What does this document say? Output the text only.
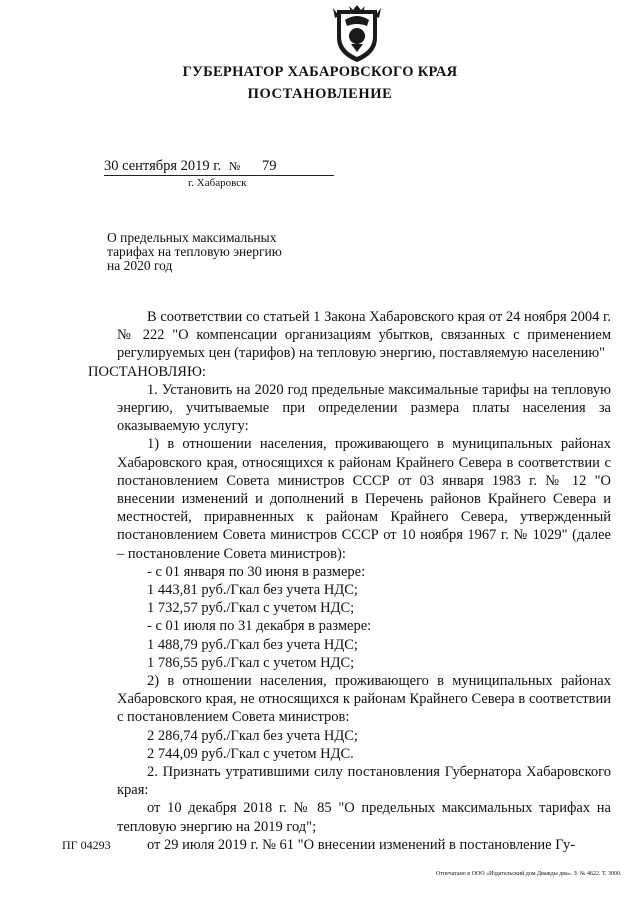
ГУБЕРНАТОР ХАБАРОВСКОГО КРАЯ
ПОСТАНОВЛЕНИЕ
30 сентября 2019 г. № 79
г. Хабаровск
О предельных максимальных
тарифах на тепловую энергию
на 2020 год

В соответствии со статьей 1 Закона Хабаровского края от 24 ноября 2004 г. № 222 "О компенсации организациям убытков, связанных с применением регулируемых цен (тарифов) на тепловую энергию, поставляемую населению"

ПОСТАНОВЛЯЮ:

1. Установить на 2020 год предельные максимальные тарифы на тепловую энергию, учитываемые при определении размера платы населения за оказываемую услугу:

1) в отношении населения, проживающего в муниципальных районах Хабаровского края, относящихся к районам Крайнего Севера в соответствии с постановлением Совета министров СССР от 03 января 1983 г. № 12 "О внесении изменений и дополнений в Перечень районов Крайнего Севера и местностей, приравненных к районам Крайнего Севера, утвержденный постановлением Совета министров СССР от 10 ноября 1967 г. № 1029" (далее – постановление Совета министров):

- с 01 января по 30 июня в размере:

1 443,81 руб./Гкал без учета НДС;

1 732,57 руб./Гкал с учетом НДС;

- с 01 июля по 31 декабря в размере:

1 488,79 руб./Гкал без учета НДС;

1 786,55 руб./Гкал с учетом НДС;

2) в отношении населения, проживающего в муниципальных районах Хабаровского края, не относящихся к районам Крайнего Севера в соответствии с постановлением Совета министров:

2 286,74 руб./Гкал без учета НДС;

2 744,09 руб./Гкал с учетом НДС.

2. Признать утратившими силу постановления Губернатора Хабаровского края:

от 10 декабря 2018 г. № 85 "О предельных максимальных тарифах на тепловую энергию на 2019 год";

от 29 июля 2019 г. № 61 "О внесении изменений в постановление Гу-

ПГ 04293
Отпечатано в ООО «Издательский дом Дважды два». З. № 4622. Т. 3000.
